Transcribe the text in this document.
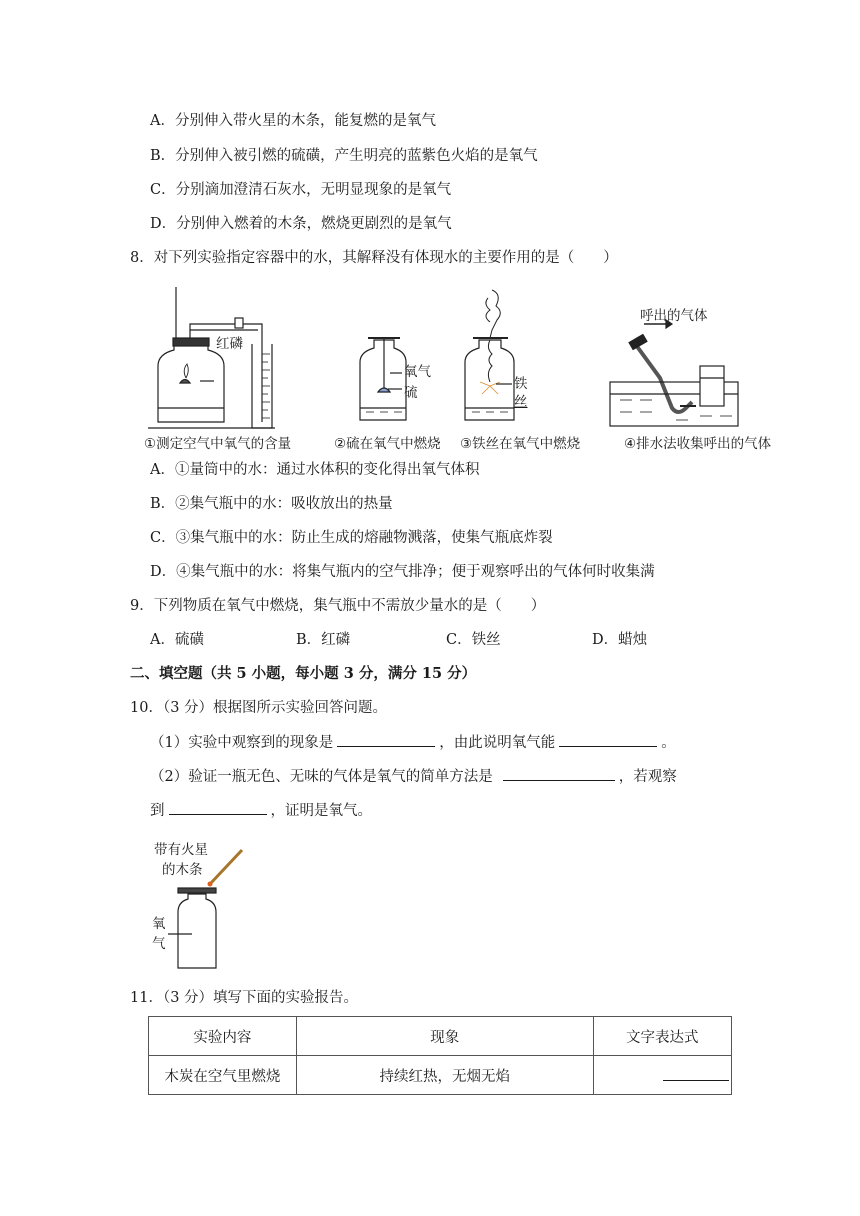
A．分别伸入带火星的木条，能复燃的是氧气
B．分别伸入被引燃的硫磺，产生明亮的蓝紫色火焰的是氧气
C．分别滴加澄清石灰水，无明显现象的是氧气
D．分别伸入燃着的木条，燃烧更剧烈的是氧气
8．对下列实验指定容器中的水，其解释没有体现水的主要作用的是（　　）
红磷
氧气
硫
铁
丝
呼出的气体
①测定空气中氧气的含量	②硫在氧气中燃烧 ③铁丝在氧气中燃烧	④排水法收集呼出的气体
A．①量筒中的水：通过水体积的变化得出氧气体积
B．②集气瓶中的水：吸收放出的热量
C．③集气瓶中的水：防止生成的熔融物溅落，使集气瓶底炸裂
D．④集气瓶中的水：将集气瓶内的空气排净；便于观察呼出的气体何时收集满
9．下列物质在氧气中燃烧，集气瓶中不需放少量水的是（　　）
A．硫磺	B．红磷	C．铁丝	D．蜡烛
二、填空题（共 5 小题，每小题 3 分，满分 15 分）
10．（3 分）根据图所示实验回答问题。
（1）实验中观察到的现象是	，由此说明氧气能	。
（2）验证一瓶无色、无味的气体是氧气的简单方法是	，若观察
到	，证明是氧气。
带有火星
的木条
氧
气
11．（3 分）填写下面的实验报告。
实验内容	现象	文字表达式
木炭在空气里燃烧	持续红热，无烟无焰	
